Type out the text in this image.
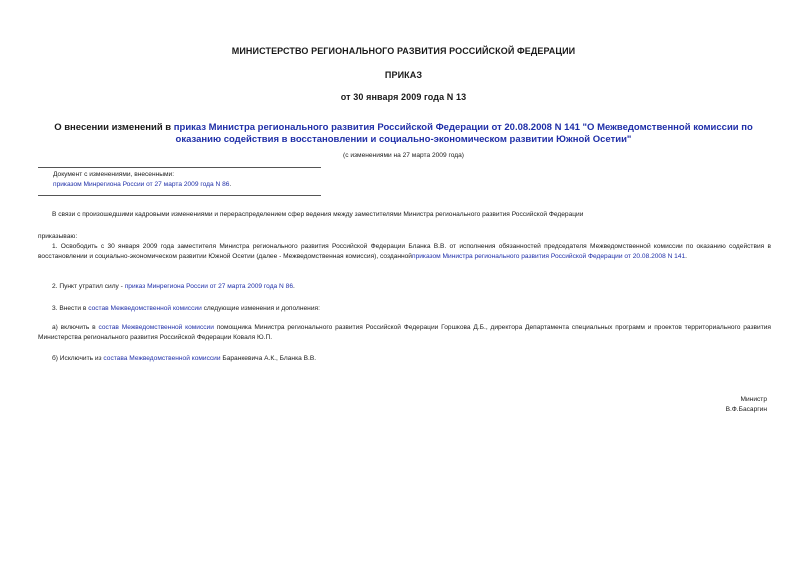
МИНИСТЕРСТВО РЕГИОНАЛЬНОГО РАЗВИТИЯ РОССИЙСКОЙ ФЕДЕРАЦИИ
ПРИКАЗ
от 30 января 2009 года N 13
О внесении изменений в приказ Министра регионального развития Российской Федерации от 20.08.2008 N 141 "О Межведомственной комиссии по оказанию содействия в восстановлении и социально-экономическом развитии Южной Осетии"
(с изменениями на 27 марта 2009 года)
Документ с изменениями, внесенными:
приказом Минрегиона России от 27 марта 2009 года N 86.
В связи с произошедшими кадровыми изменениями и перераспределением сфер ведения между заместителями Министра регионального развития Российской Федерации
приказываю:
1. Освободить с 30 января 2009 года заместителя Министра регионального развития Российской Федерации Бланка В.В. от исполнения обязанностей председателя Межведомственной комиссии по оказанию содействия в восстановлении и социально-экономическом развитии Южной Осетии (далее - Межведомственная комиссия), созданнойприказом Министра регионального развития Российской Федерации от 20.08.2008 N 141.
2. Пункт утратил силу - приказ Минрегиона России от 27 марта 2009 года N 86.
3. Внести в состав Межведомственной комиссии следующие изменения и дополнения:
а) включить в состав Межведомственной комиссии помощника Министра регионального развития Российской Федерации Горшкова Д.Б., директора Департамента специальных программ и проектов территориального развития Министерства регионального развития Российской Федерации Коваля Ю.П.
б) Исключить из состава Межведомственной комиссии Баранкевича А.К., Бланка В.В.
Министр
В.Ф.Басаргин
